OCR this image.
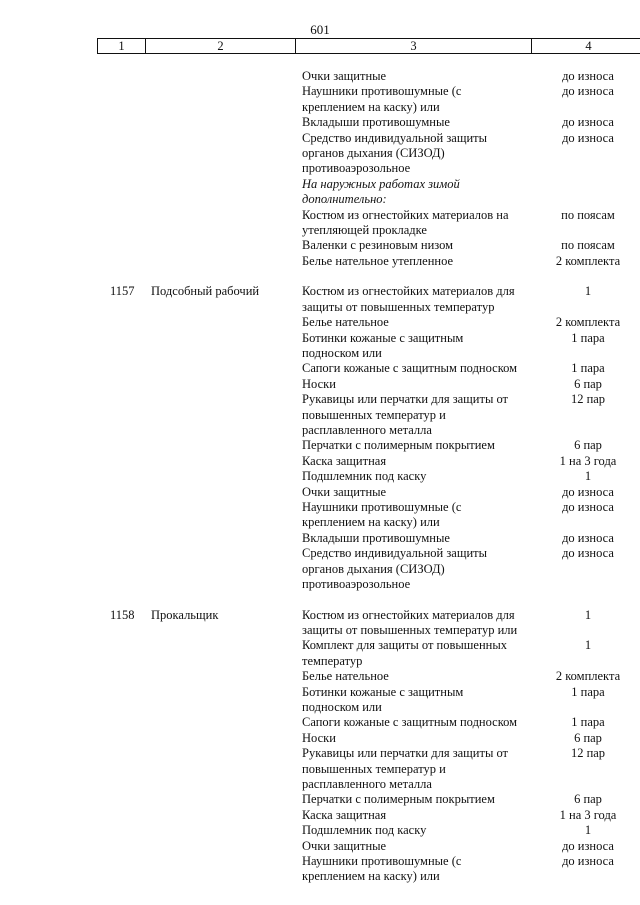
601
1	2	3	4
Очки защитные	до износа
Наушники противошумные (с	до износа
креплением на каску) или
Вкладыши противошумные	до износа
Средство индивидуальной защиты	до износа
органов дыхания (СИЗОД)
противоаэрозольное
На наружных работах зимой
дополнительно:
Костюм из огнестойких материалов на	по поясам
утепляющей прокладке
Валенки с резиновым низом	по поясам
Белье нательное утепленное	2 комплекта
1157 Подсобный рабочий	Костюм из огнестойких материалов для	1
защиты от повышенных температур
Белье нательное	2 комплекта
Ботинки кожаные с защитным	1 пара
подноском или
Сапоги кожаные с защитным подноском	1 пара
Носки	6 пар
Рукавицы или перчатки для защиты от	12 пар
повышенных температур и
расплавленного металла
Перчатки с полимерным покрытием	6 пар
Каска защитная	1 на 3 года
Подшлемник под каску	1
Очки защитные	до износа
Наушники противошумные (с	до износа
креплением на каску) или
Вкладыши противошумные	до износа
Средство индивидуальной защиты	до износа
органов дыхания (СИЗОД)
противоаэрозольное
1158 Прокальщик	Костюм из огнестойких материалов для	1
защиты от повышенных температур или
Комплект для защиты от повышенных	1
температур
Белье нательное	2 комплекта
Ботинки кожаные с защитным	1 пара
подноском или
Сапоги кожаные с защитным подноском	1 пара
Носки	6 пар
Рукавицы или перчатки для защиты от	12 пар
повышенных температур и
расплавленного металла
Перчатки с полимерным покрытием	6 пар
Каска защитная	1 на 3 года
Подшлемник под каску	1
Очки защитные	до износа
Наушники противошумные (с	до износа
креплением на каску) или
